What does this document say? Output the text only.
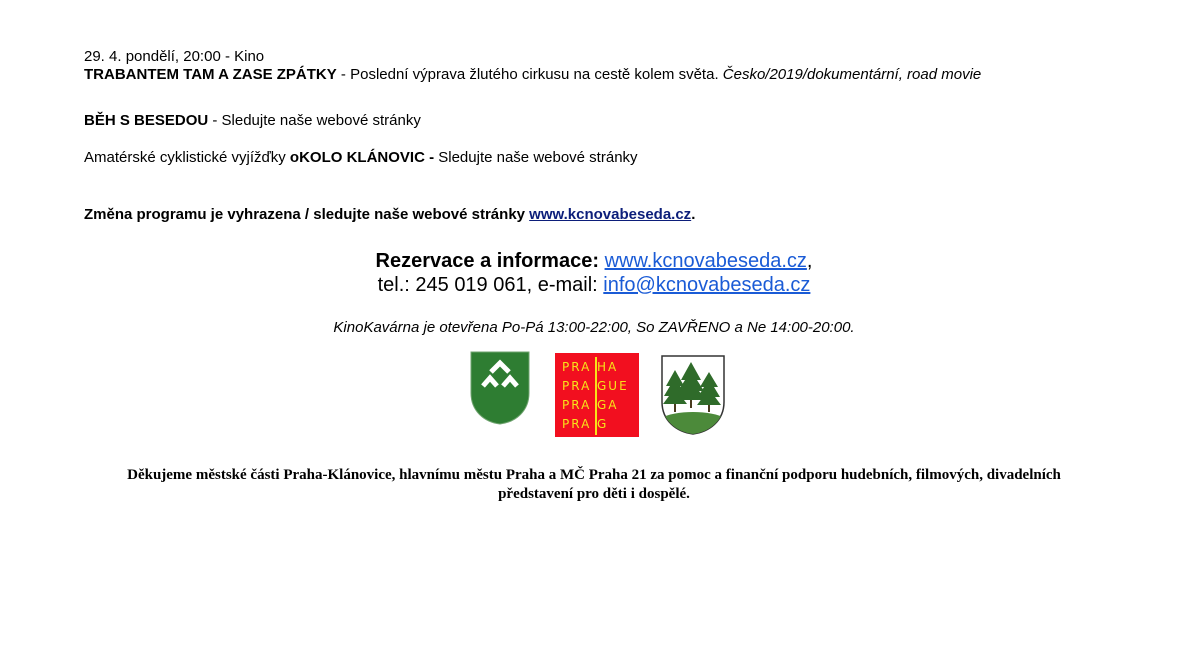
29. 4. pondělí, 20:00 - Kino
TRABANTEM TAM A ZASE ZPÁTKY - Poslední výprava žlutého cirkusu na cestě kolem světa. Česko/2019/dokumentární, road movie
BĚH S BESEDOU - Sledujte naše webové stránky
Amatérské cyklistické vyjížďky oKOLO KLÁNOVIC - Sledujte naše webové stránky
Změna programu je vyhrazena / sledujte naše webové stránky www.kcnovabeseda.cz.
Rezervace a informace: www.kcnovabeseda.cz,
tel.: 245 019 061, e-mail: info@kcnovabeseda.cz
KinoKavárna je otevřena Po-Pá 13:00-22:00, So ZAVŘENO a Ne 14:00-20:00.
PRA HA
PRA GUE
PRA GA
PRA G
Děkujeme městské části Praha-Klánovice, hlavnímu městu Praha a MČ Praha 21 za pomoc a finanční podporu hudebních, filmových, divadelních
představení pro děti i dospělé.
